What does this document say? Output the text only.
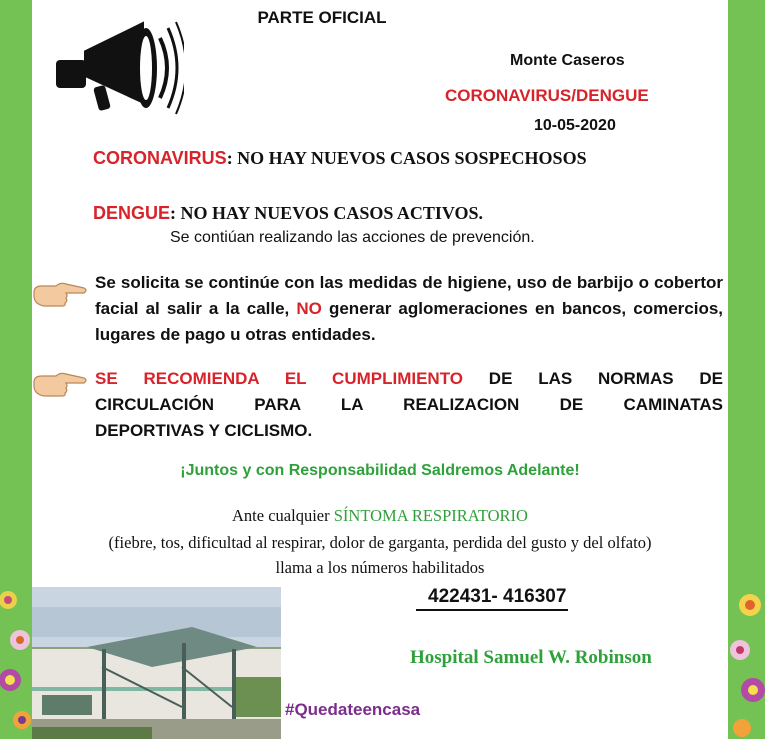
PARTE OFICIAL
Monte Caseros
CORONAVIRUS/DENGUE
10-05-2020
CORONAVIRUS: NO HAY NUEVOS CASOS SOSPECHOSOS
DENGUE: NO HAY NUEVOS CASOS ACTIVOS.
Se contiúan realizando las acciones de prevención.
Se solicita se continúe con las medidas de higiene, uso de barbijo o cobertor facial al salir a la calle, NO generar aglomeraciones en bancos, comercios, lugares de pago u otras entidades.
SE RECOMIENDA EL CUMPLIMIENTO DE LAS NORMAS DE
CIRCULACIÓN PARA LA REALIZACION DE CAMINATAS
DEPORTIVAS Y CICLISMO.
¡Juntos y con Responsabilidad Saldremos Adelante!
Ante cualquier SÍNTOMA RESPIRATORIO
(fiebre, tos, dificultad al respirar, dolor de garganta, perdida del gusto y del olfato)
llama a los números habilitados
422431- 416307
Hospital Samuel W. Robinson
#Quedateencasa
